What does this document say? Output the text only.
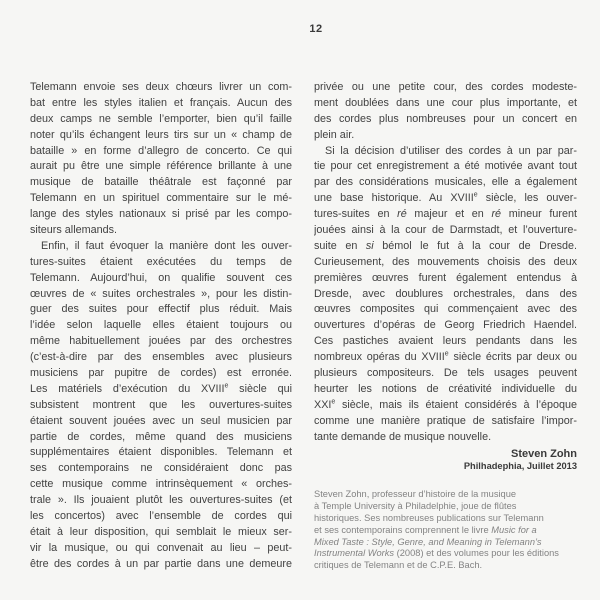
12
Telemann envoie ses deux chœurs livrer un com-
bat entre les styles italien et français. Aucun des
deux camps ne semble l’emporter, bien qu’il faille
noter qu’ils échangent leurs tirs sur un « champ de
bataille » en forme d’allegro de concerto. Ce qui
aurait pu être une simple référence brillante à une
musique de bataille théâtrale est façonné par
Telemann en un spirituel commentaire sur le mé-
lange des styles nationaux si prisé par les compo-
siteurs allemands.
Enfin, il faut évoquer la manière dont les ouver-
tures-suites étaient exécutées du temps de
Telemann. Aujourd’hui, on qualifie souvent ces
œuvres de « suites orchestrales », pour les distin-
guer des suites pour effectif plus réduit. Mais
l’idée selon laquelle elles étaient toujours ou
même habituellement jouées par des orchestres
(c’est-à-dire par des ensembles avec plusieurs
musiciens par pupitre de cordes) est erronée.
Les matériels d’exécution du XVIIIe siècle qui
subsistent montrent que les ouvertures-suites
étaient souvent jouées avec un seul musicien par
partie de cordes, même quand des musiciens
supplémentaires étaient disponibles. Telemann et
ses contemporains ne considéraient donc pas
cette musique comme intrinsèquement « orches-
trale ». Ils jouaient plutôt les ouvertures-suites (et
les concertos) avec l’ensemble de cordes qui
était à leur disposition, qui semblait le mieux ser-
vir la musique, ou qui convenait au lieu – peut-
être des cordes à un par partie dans une demeure
privée ou une petite cour, des cordes modeste-
ment doublées dans une cour plus importante, et
des cordes plus nombreuses pour un concert en
plein air.
Si la décision d’utiliser des cordes à un par par-
tie pour cet enregistrement a été motivée avant tout
par des considérations musicales, elle a également
une base historique. Au XVIIIe siècle, les ouver-
tures-suites en ré majeur et en ré mineur furent
jouées ainsi à la cour de Darmstadt, et l’ouverture-
suite en si bémol le fut à la cour de Dresde.
Curieusement, des mouvements choisis des deux
premières œuvres furent également entendus à
Dresde, avec doublures orchestrales, dans des
œuvres composites qui commençaient avec des
ouvertures d’opéras de Georg Friedrich Haendel.
Ces pastiches avaient leurs pendants dans les
nombreux opéras du XVIIIe siècle écrits par deux ou
plusieurs compositeurs. De tels usages peuvent
heurter les notions de créativité individuelle du
XXIe siècle, mais ils étaient considérés à l’époque
comme une manière pratique de satisfaire l’impor-
tante demande de musique nouvelle.
Steven Zohn
Philhadephia, Juillet 2013
Steven Zohn, professeur d’histoire de la musique
à Temple University à Philadelphie, joue de flûtes
historiques. Ses nombreuses publications sur Telemann
et ses contemporains comprennent le livre Music for a
Mixed Taste : Style, Genre, and Meaning in Telemann’s
Instrumental Works (2008) et des volumes pour les éditions
critiques de Telemann et de C.P.E. Bach.
